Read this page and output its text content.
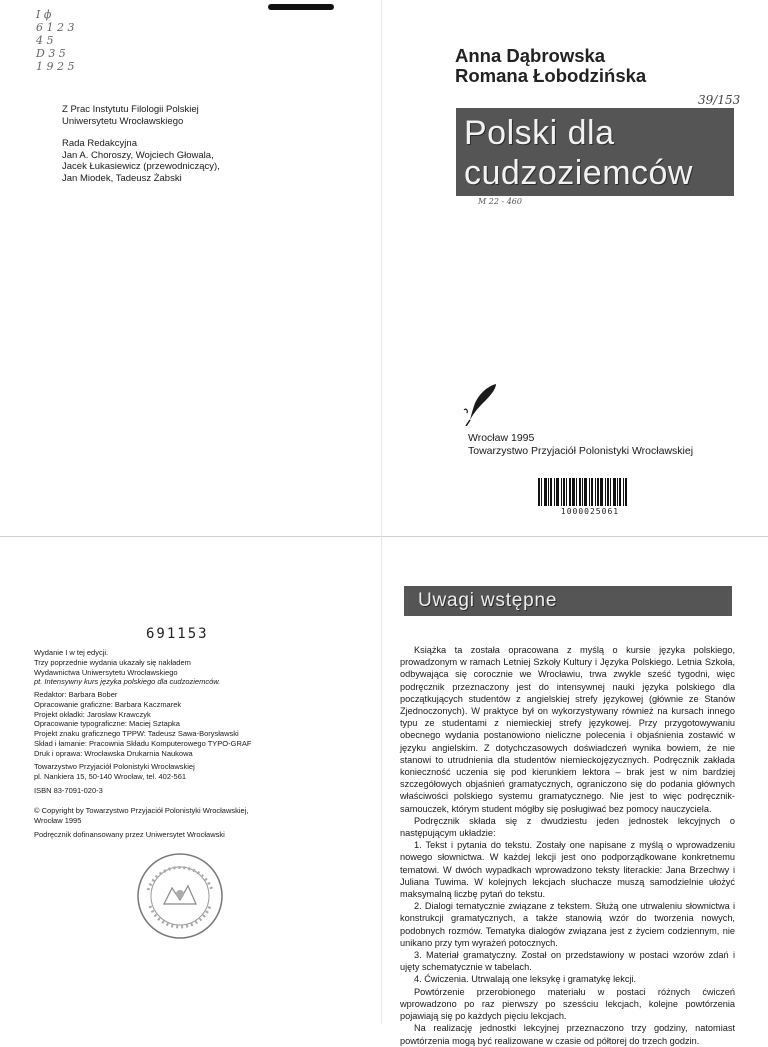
I ϕ
6 1 2 3
4 5
D 3 5
1 9 2 5
Z Prac Instytutu Filologii Polskiej
Uniwersytetu Wrocławskiego
Rada Redakcyjna
Jan A. Choroszy, Wojciech Głowala,
Jacek Łukasiewicz (przewodniczący),
Jan Miodek, Tadeusz Żabski
Anna Dąbrowska
Romana Łobodzińska
39/153
Polski dla
cudzoziemców
M 22 - 460
Wrocław 1995
Towarzystwo Przyjaciół Polonistyki Wrocławskiej
1000025061
691153
Wydanie I w tej edycji.
Trzy poprzednie wydania ukazały się nakładem
Wydawnictwa Uniwersytetu Wrocławskiego
pt. Intensywny kurs języka polskiego dla cudzoziemców.
Redaktor: Barbara Bober
Opracowanie graficzne: Barbara Kaczmarek
Projekt okładki: Jarosław Krawczyk
Opracowanie typograficzne: Maciej Sztapka
Projekt znaku graficznego TPPW: Tadeusz Sawa-Borysławski
Skład i łamanie: Pracownia Składu Komputerowego TYPO-GRAF
Druk i oprawa: Wrocławska Drukarnia Naukowa
Towarzystwo Przyjaciół Polonistyki Wrocławskiej
pl. Nankiera 15, 50-140 Wrocław, tel. 402-561
ISBN 83-7091-020-3
© Copyright by Towarzystwo Przyjaciół Polonistyki Wrocławskiej,
Wrocław 1995
Podręcznik dofinansowany przez Uniwersytet Wrocławski
Uwagi wstępne

Książka ta została opracowana z myślą o kursie języka polskiego, prowadzonym w ramach Letniej Szkoły Kultury i Języka Polskiego. Letnia Szkoła, odbywająca się corocznie we Wrocławiu, trwa zwykle sześć tygodni, więc podręcznik przeznaczony jest do intensywnej nauki języka polskiego dla początkujących studentów z angielskiej strefy językowej (głównie ze Stanów Zjednoczonych). W praktyce był on wykorzystywany również na kursach innego typu ze studentami z niemieckiej strefy językowej. Przy przygotowywaniu obecnego wydania postanowiono nieliczne polecenia i objaśnienia zostawić w języku angielskim. Z dotychczasowych doświadczeń wynika bowiem, że nie stanowi to utrudnienia dla studentów niemieckojęzycznych. Podręcznik zakłada konieczność uczenia się pod kierunkiem lektora – brak jest w nim bardziej szczegółowych objaśnień gramatycznych, ograniczono się do podania głównych właściwości polskiego systemu gramatycznego. Nie jest to więc podręcznik-samouczek, którym student mógłby się posługiwać bez pomocy nauczyciela.

Podręcznik składa się z dwudziestu jeden jednostek lekcyjnych o następującym układzie:

1. Tekst i pytania do tekstu. Zostały one napisane z myślą o wprowadzeniu nowego słownictwa. W każdej lekcji jest ono podporządkowane konkretnemu tematowi. W dwóch wypadkach wprowadzono teksty literackie: Jana Brzechwy i Juliana Tuwima. W kolejnych lekcjach słuchacze muszą samodzielnie ułożyć maksymalną liczbę pytań do tekstu.

2. Dialogi tematycznie związane z tekstem. Służą one utrwaleniu słownictwa i konstrukcji gramatycznych, a także stanowią wzór do tworzenia nowych, podobnych rozmów. Tematyka dialogów związana jest z życiem codziennym, nie unikano przy tym wyrażeń potocznych.

3. Materiał gramatyczny. Został on przedstawiony w postaci wzorów zdań i ujęty schematycznie w tabelach.

4. Ćwiczenia. Utrwalają one leksykę i gramatykę lekcji.

Powtórzenie przerobionego materiału w postaci różnych ćwiczeń wprowadzono po raz pierwszy po szesściu lekcjach, kolejne powtórzenia pojawiają się po każdych pięciu lekcjach.

Na realizację jednostki lekcyjnej przeznaczono trzy godziny, natomiast powtórzenia mogą być realizowane w czasie od półtorej do trzech godzin.
